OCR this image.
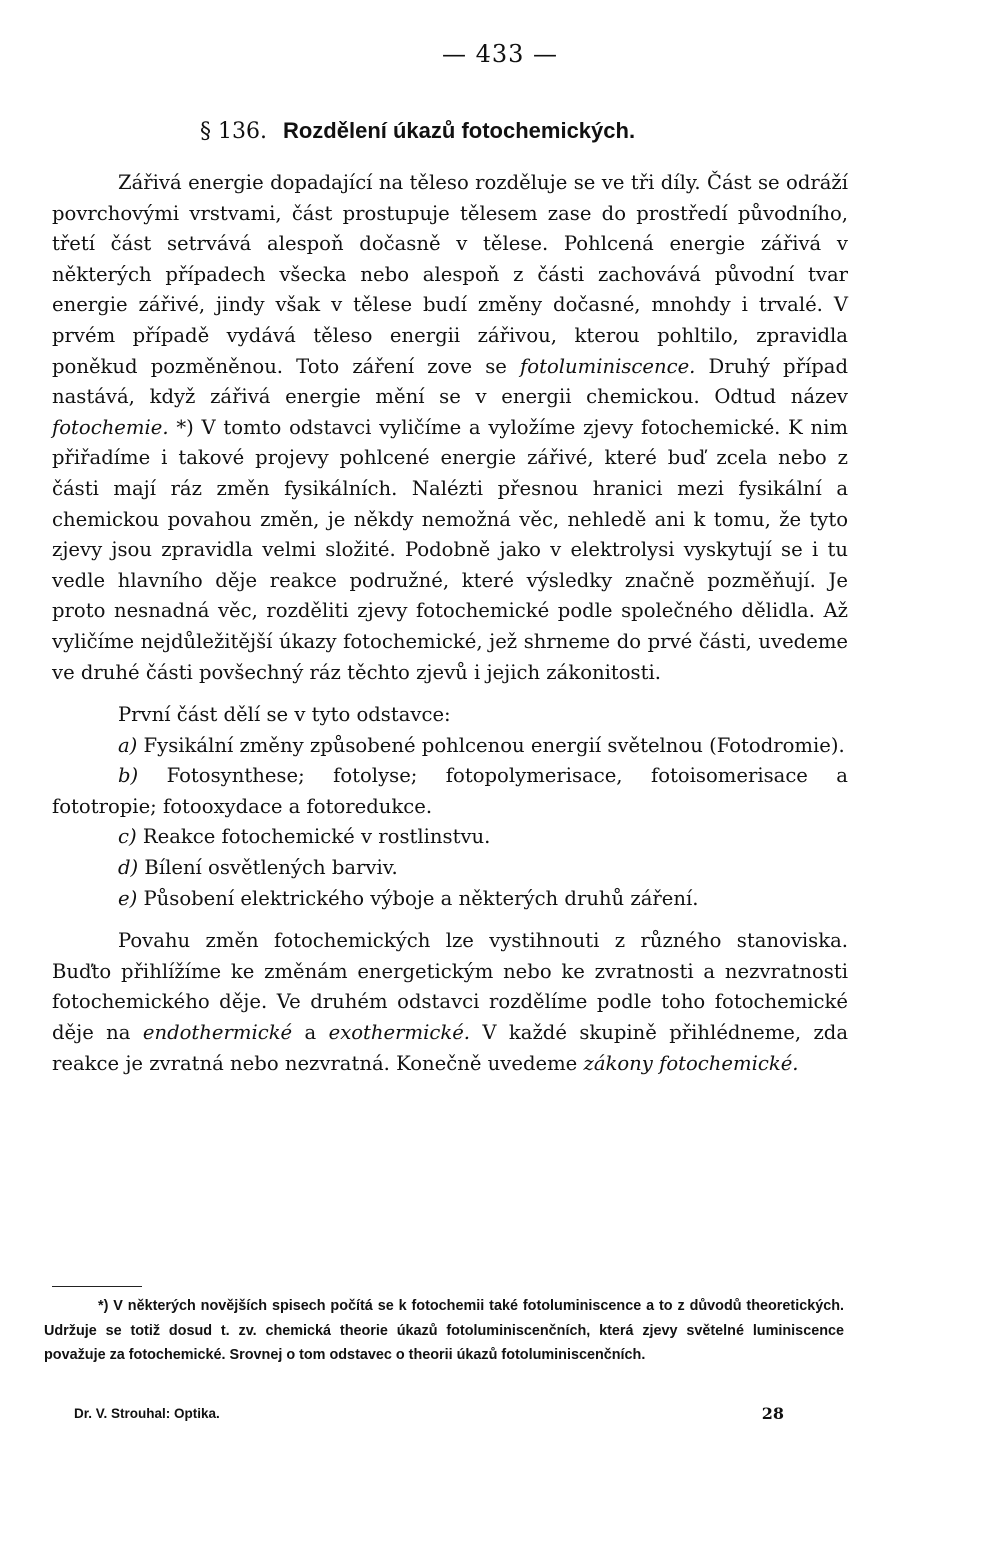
— 433 —
§ 136. Rozdělení úkazů fotochemických.

Zářivá energie dopadající na těleso rozděluje se ve tři díly. Část se odráží povrchovými vrstvami, část prostupuje tělesem zase do prostředí původního, třetí část setrvává alespoň dočasně v tělese. Pohlcená energie zářivá v některých případech všecka nebo alespoň z části zachovává původní tvar energie zářivé, jindy však v tělese budí změny dočasné, mnohdy i trvalé. V prvém případě vydává těleso energii zářivou, kterou pohltilo, zpravidla poněkud pozměněnou. Toto záření zove se fotoluminiscence. Druhý případ nastává, když zářivá energie mění se v energii chemickou. Odtud název fotochemie. *) V tomto odstavci vyličíme a vyložíme zjevy fotochemické. K nim přiřadíme i takové projevy pohlcené energie zářivé, které buď zcela nebo z části mají ráz změn fysikálních. Nalézti přesnou hranici mezi fysikální a chemickou povahou změn, je někdy nemožná věc, nehledě ani k tomu, že tyto zjevy jsou zpravidla velmi složité. Podobně jako v elektrolysi vyskytují se i tu vedle hlavního děje reakce podružné, které výsledky značně pozměňují. Je proto nesnadná věc, rozděliti zjevy fotochemické podle společného dělidla. Až vyličíme nejdůležitější úkazy fotochemické, jež shrneme do prvé části, uvedeme ve druhé části povšechný ráz těchto zjevů i jejich zákonitosti.

První část dělí se v tyto odstavce:

a) Fysikální změny způsobené pohlcenou energií světelnou (Fotodromie).

b) Fotosynthese; fotolyse; fotopolymerisace, fotoisomerisace a fototropie; fotooxydace a fotoredukce.

c) Reakce fotochemické v rostlinstvu.

d) Bílení osvětlených barviv.

e) Působení elektrického výboje a některých druhů záření.

Povahu změn fotochemických lze vystihnouti z různého stanoviska. Buďto přihlížíme ke změnám energetickým nebo ke zvratnosti a nezvratnosti fotochemického děje. Ve druhém odstavci rozdělíme podle toho fotochemické děje na endothermické a exothermické. V každé skupině přihlédneme, zda reakce je zvratná nebo nezvratná. Konečně uvedeme zákony fotochemické.

*) V některých novějších spisech počítá se k fotochemii také fotoluminiscence a to z důvodů theoretických. Udržuje se totiž dosud t. zv. chemická theorie úkazů fotoluminiscenčních, která zjevy světelné luminiscence považuje za fotochemické. Srovnej o tom odstavec o theorii úkazů fotoluminiscenčních.
Dr. V. Strouhal: Optika.	28
